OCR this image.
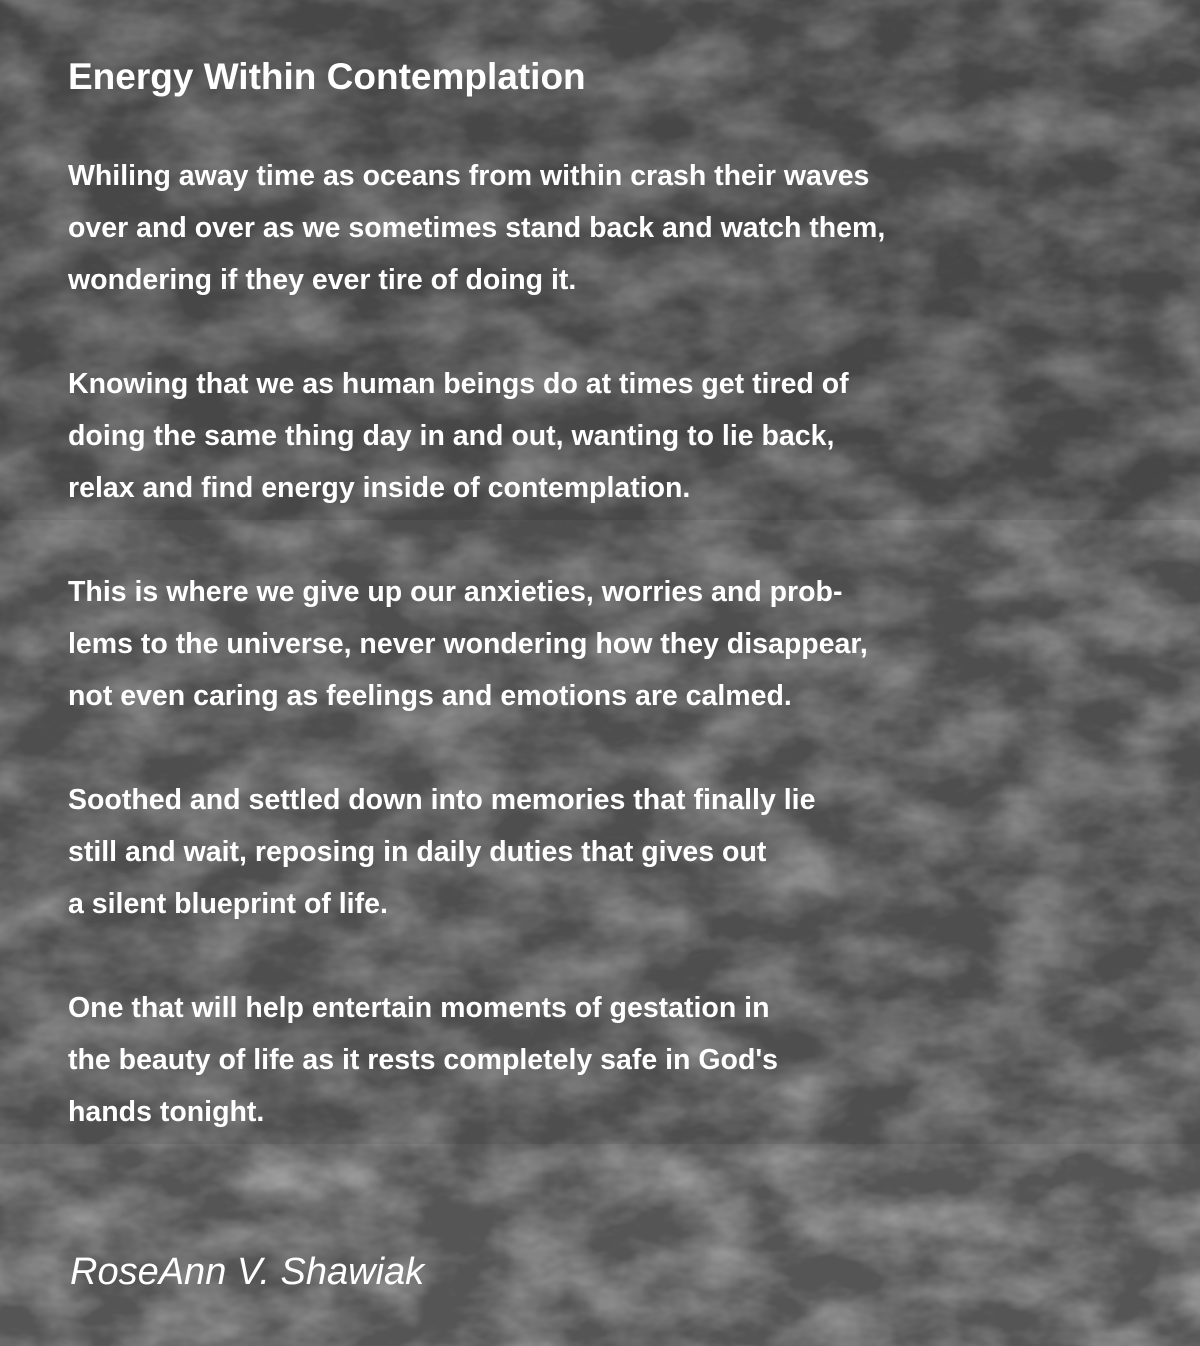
Energy Within Contemplation
Whiling away time as oceans from within crash their waves
over and over as we sometimes stand back and watch them,
wondering if they ever tire of doing it.
Knowing that we as human beings do at times get tired of
doing the same thing day in and out, wanting to lie back,
relax and find energy inside of contemplation.
This is where we give up our anxieties, worries and prob-
lems to the universe, never wondering how they disappear,
not even caring as feelings and emotions are calmed.
Soothed and settled down into memories that finally lie
still and wait, reposing in daily duties that gives out
a silent blueprint of life.
One that will help entertain moments of gestation in
the beauty of life as it rests completely safe in God's
hands tonight.

RoseAnn V. Shawiak
